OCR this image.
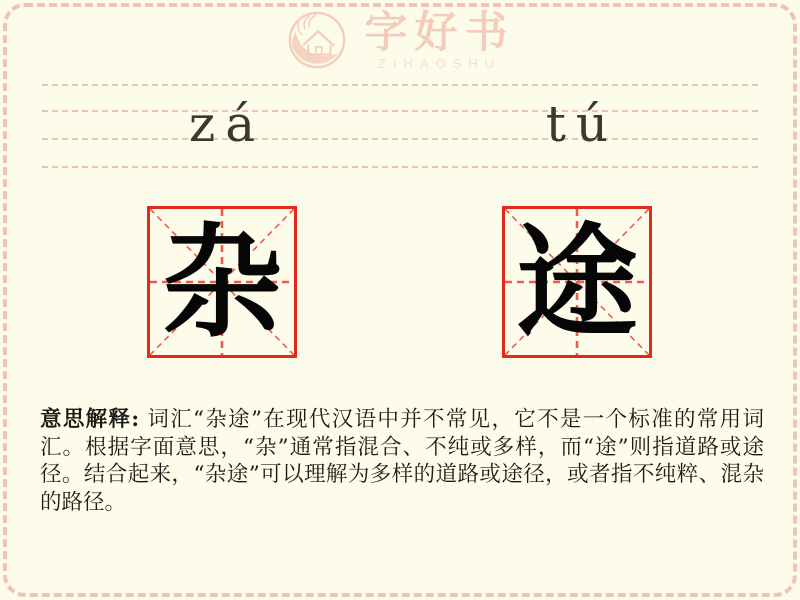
字好书
ZIHAOSHU
zá	tú
杂 途
意思解释: 词汇“杂途”在现代汉语中并不常见，它不是一个标准的常用词汇。根据字面意思，“杂”通常指混合、不纯或多样，而“途”则指道路或途径。结合起来，“杂途”可以理解为多样的道路或途径，或者指不纯粹、混杂的路径。
